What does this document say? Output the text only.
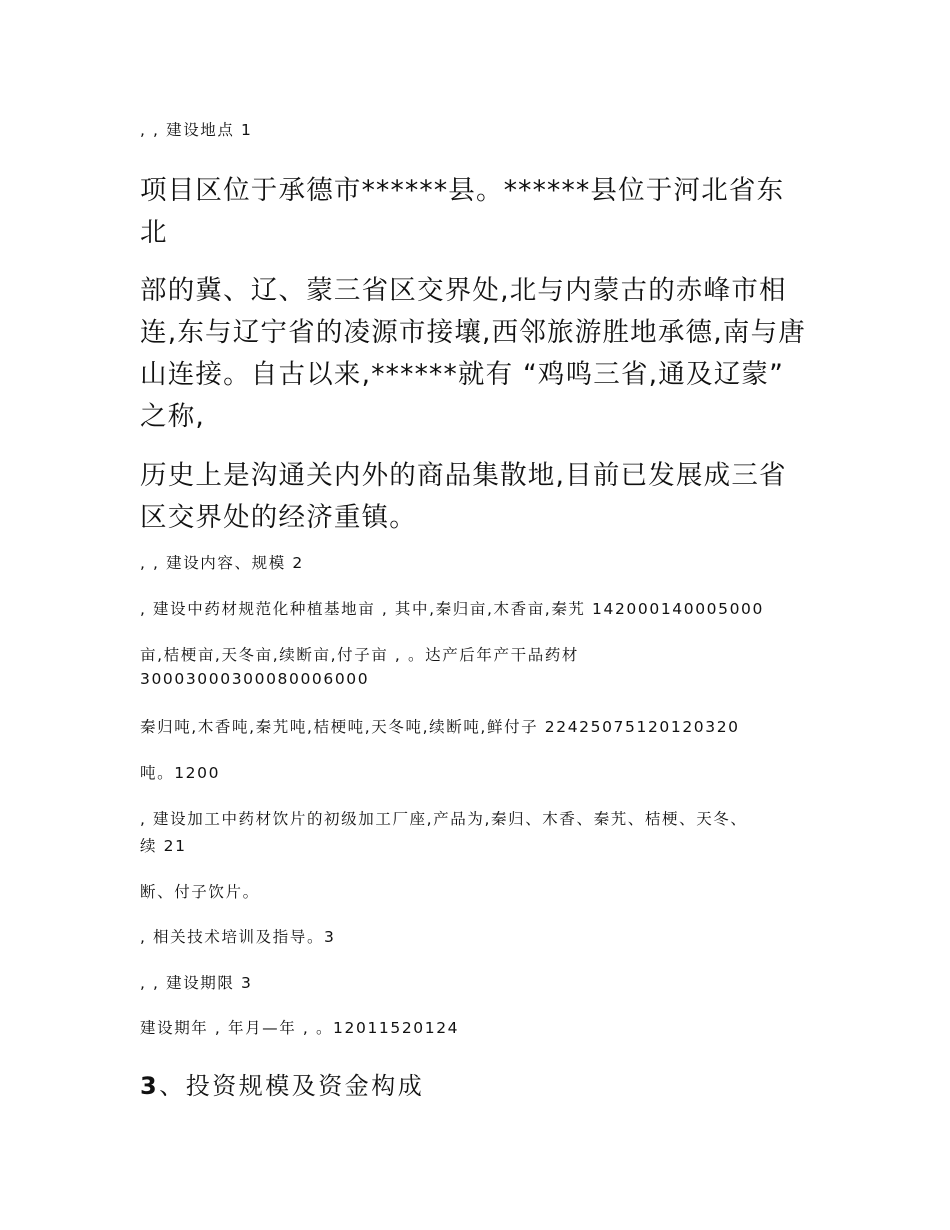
, , 建设地点 1
项目区位于承德市******县。******县位于河北省东
北
部的冀、辽、蒙三省区交界处,北与内蒙古的赤峰市相
连,东与辽宁省的凌源市接壤,西邻旅游胜地承德,南与唐
山连接。自古以来,******就有 “鸡鸣三省,通及辽蒙”
之称,
历史上是沟通关内外的商品集散地,目前已发展成三省
区交界处的经济重镇。
, , 建设内容、规模 2
, 建设中药材规范化种植基地亩 , 其中,秦归亩,木香亩,秦艽 142000140005000
亩,桔梗亩,天冬亩,续断亩,付子亩 , 。达产后年产干品药材
30003000300080006000
秦归吨,木香吨,秦艽吨,桔梗吨,天冬吨,续断吨,鲜付子 22425075120120320
吨。1200
, 建设加工中药材饮片的初级加工厂座,产品为,秦归、木香、秦艽、桔梗、天冬、
续 21
断、付子饮片。
, 相关技术培训及指导。3
, , 建设期限 3
建设期年 , 年月—年 , 。12011520124
3、投资规模及资金构成
